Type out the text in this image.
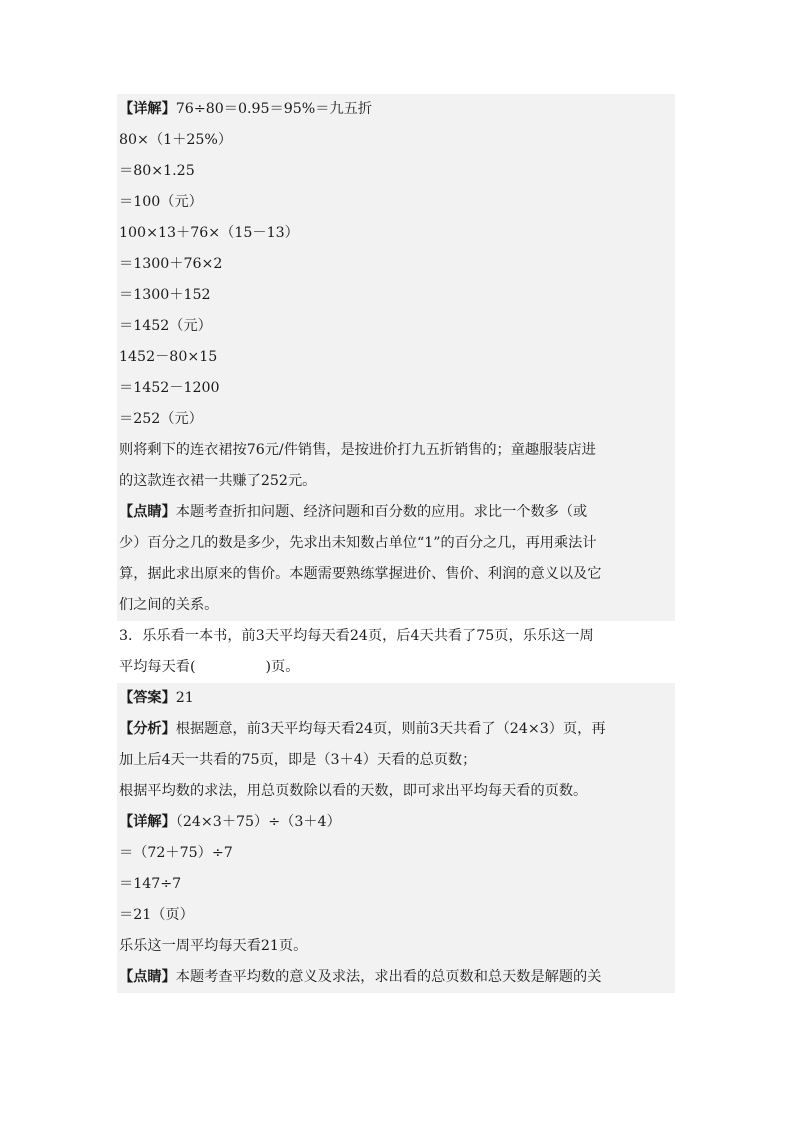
【详解】76÷80＝0.95＝95%＝九五折
80×（1＋25%）
＝80×1.25
＝100（元）
100×13＋76×（15－13）
＝1300＋76×2
＝1300＋152
＝1452（元）
1452－80×15
＝1452－1200
＝252（元）
则将剩下的连衣裙按76元/件销售，是按进价打九五折销售的；童趣服装店进
的这款连衣裙一共赚了252元。
【点睛】本题考查折扣问题、经济问题和百分数的应用。求比一个数多（或
少）百分之几的数是多少，先求出未知数占单位“1”的百分之几，再用乘法计
算，据此求出原来的售价。本题需要熟练掌握进价、售价、利润的意义以及它
们之间的关系。
3．乐乐看一本书，前3天平均每天看24页，后4天共看了75页，乐乐这一周
平均每天看(	)页。
【答案】21
【分析】根据题意，前3天平均每天看24页，则前3天共看了（24×3）页，再
加上后4天一共看的75页，即是（3＋4）天看的总页数；
根据平均数的求法，用总页数除以看的天数，即可求出平均每天看的页数。
【详解】（24×3＋75）÷（3＋4）
＝（72＋75）÷7
＝147÷7
＝21（页）
乐乐这一周平均每天看21页。
【点睛】本题考查平均数的意义及求法，求出看的总页数和总天数是解题的关
